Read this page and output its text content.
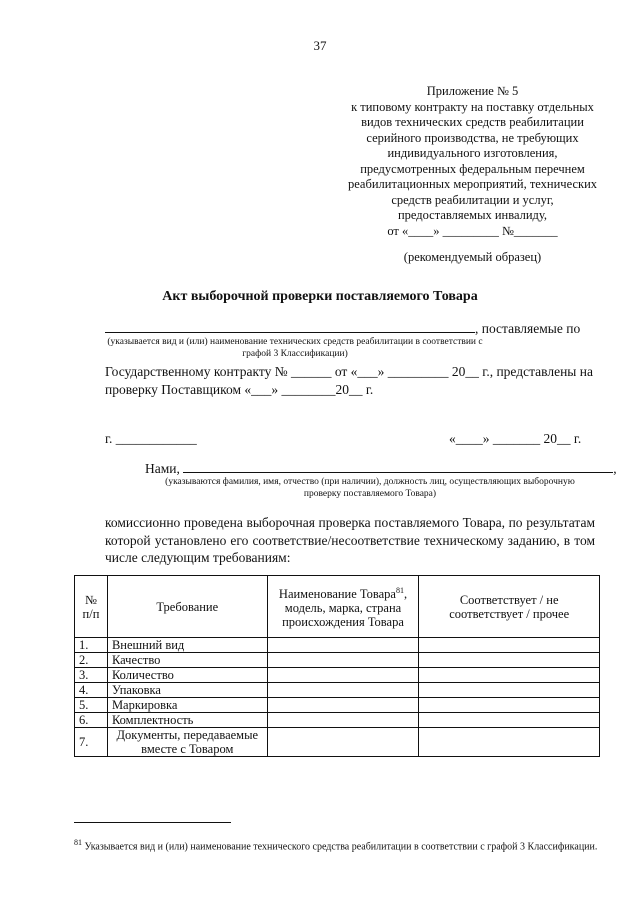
37
Приложение № 5
к типовому контракту на поставку отдельных
видов технических средств реабилитации
серийного производства, не требующих
индивидуального изготовления,
предусмотренных федеральным перечнем
реабилитационных мероприятий, технических
средств реабилитации и услуг,
предоставляемых инвалиду,
от «____» _________ №_______
(рекомендуемый образец)
Акт выборочной проверки поставляемого Товара
, поставляемые по
(указывается вид и (или) наименование технических средств реабилитации в соответствии с графой 3 Классификации)
Государственному контракту № ______ от «___» _________ 20__ г., представлены на
проверку Поставщиком «___» ________20__ г.
г. ____________	«____» _______ 20__ г.
Нами,	,
(указываются фамилия, имя, отчество (при наличии), должность лиц, осуществляющих выборочную проверку поставляемого Товара)
комиссионно проведена выборочная проверка поставляемого Товара, по результатам которой установлено его соответствие/несоответствие техническому заданию, в том числе следующим требованиям:
№ п/п	Требование	Наименование Товара$^{81}$, модель, марка, страна происхождения Товара	Соответствует / не соответствует / прочее
1.	Внешний вид		
2.	Качество		
3.	Количество		
4.	Упаковка		
5.	Маркировка		
6.	Комплектность		
7.	Документы, передаваемые вместе с Товаром		
$^{81}$ Указывается вид и (или) наименование технического средства реабилитации в соответствии с графой 3 Классификации.
